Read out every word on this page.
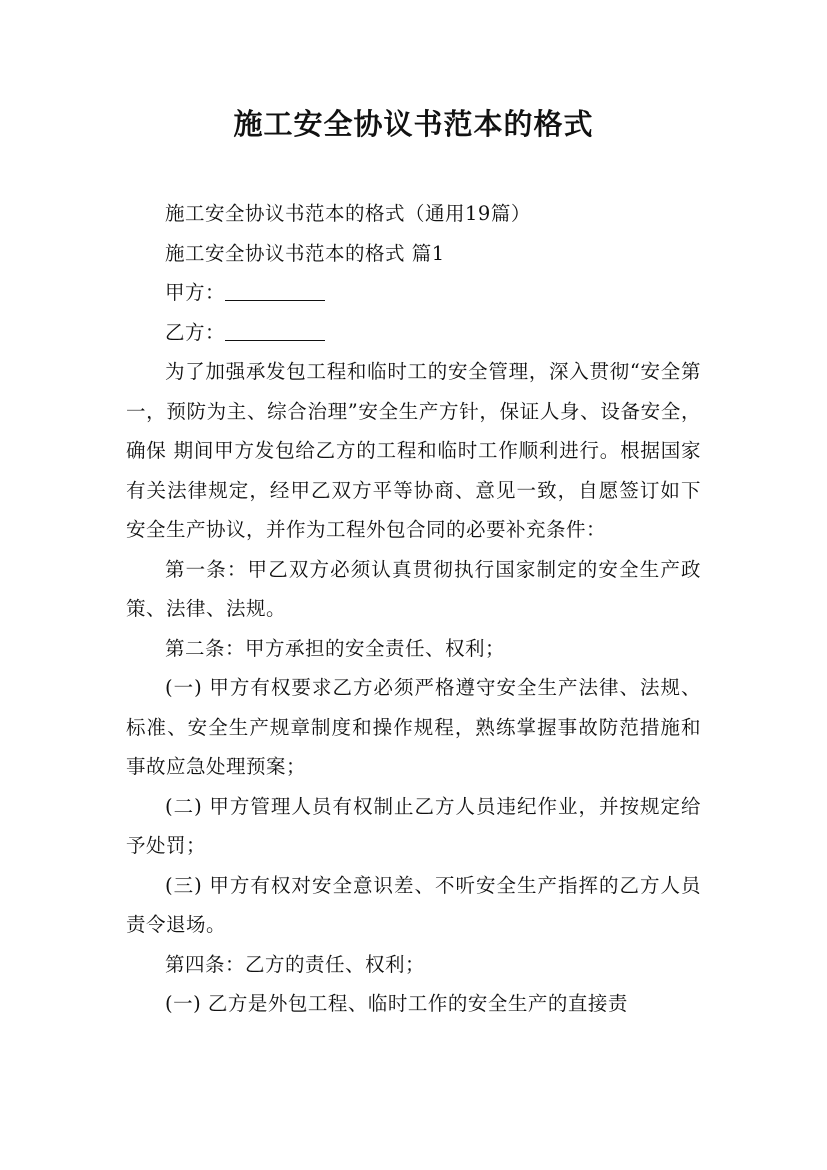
施工安全协议书范本的格式

施工安全协议书范本的格式（通用19篇）

施工安全协议书范本的格式 篇1

甲方：

乙方：

为了加强承发包工程和临时工的安全管理，深入贯彻“安全第一，预防为主、综合治理”安全生产方针，保证人身、设备安全，确保 期间甲方发包给乙方的工程和临时工作顺利进行。根据国家有关法律规定，经甲乙双方平等协商、意见一致，自愿签订如下安全生产协议，并作为工程外包合同的必要补充条件：

第一条：甲乙双方必须认真贯彻执行国家制定的安全生产政策、法律、法规。

第二条：甲方承担的安全责任、权利；

(一) 甲方有权要求乙方必须严格遵守安全生产法律、法规、标准、安全生产规章制度和操作规程，熟练掌握事故防范措施和事故应急处理预案；

(二) 甲方管理人员有权制止乙方人员违纪作业，并按规定给予处罚；

(三) 甲方有权对安全意识差、不听安全生产指挥的乙方人员责令退场。

第四条：乙方的责任、权利；

(一) 乙方是外包工程、临时工作的安全生产的直接责
